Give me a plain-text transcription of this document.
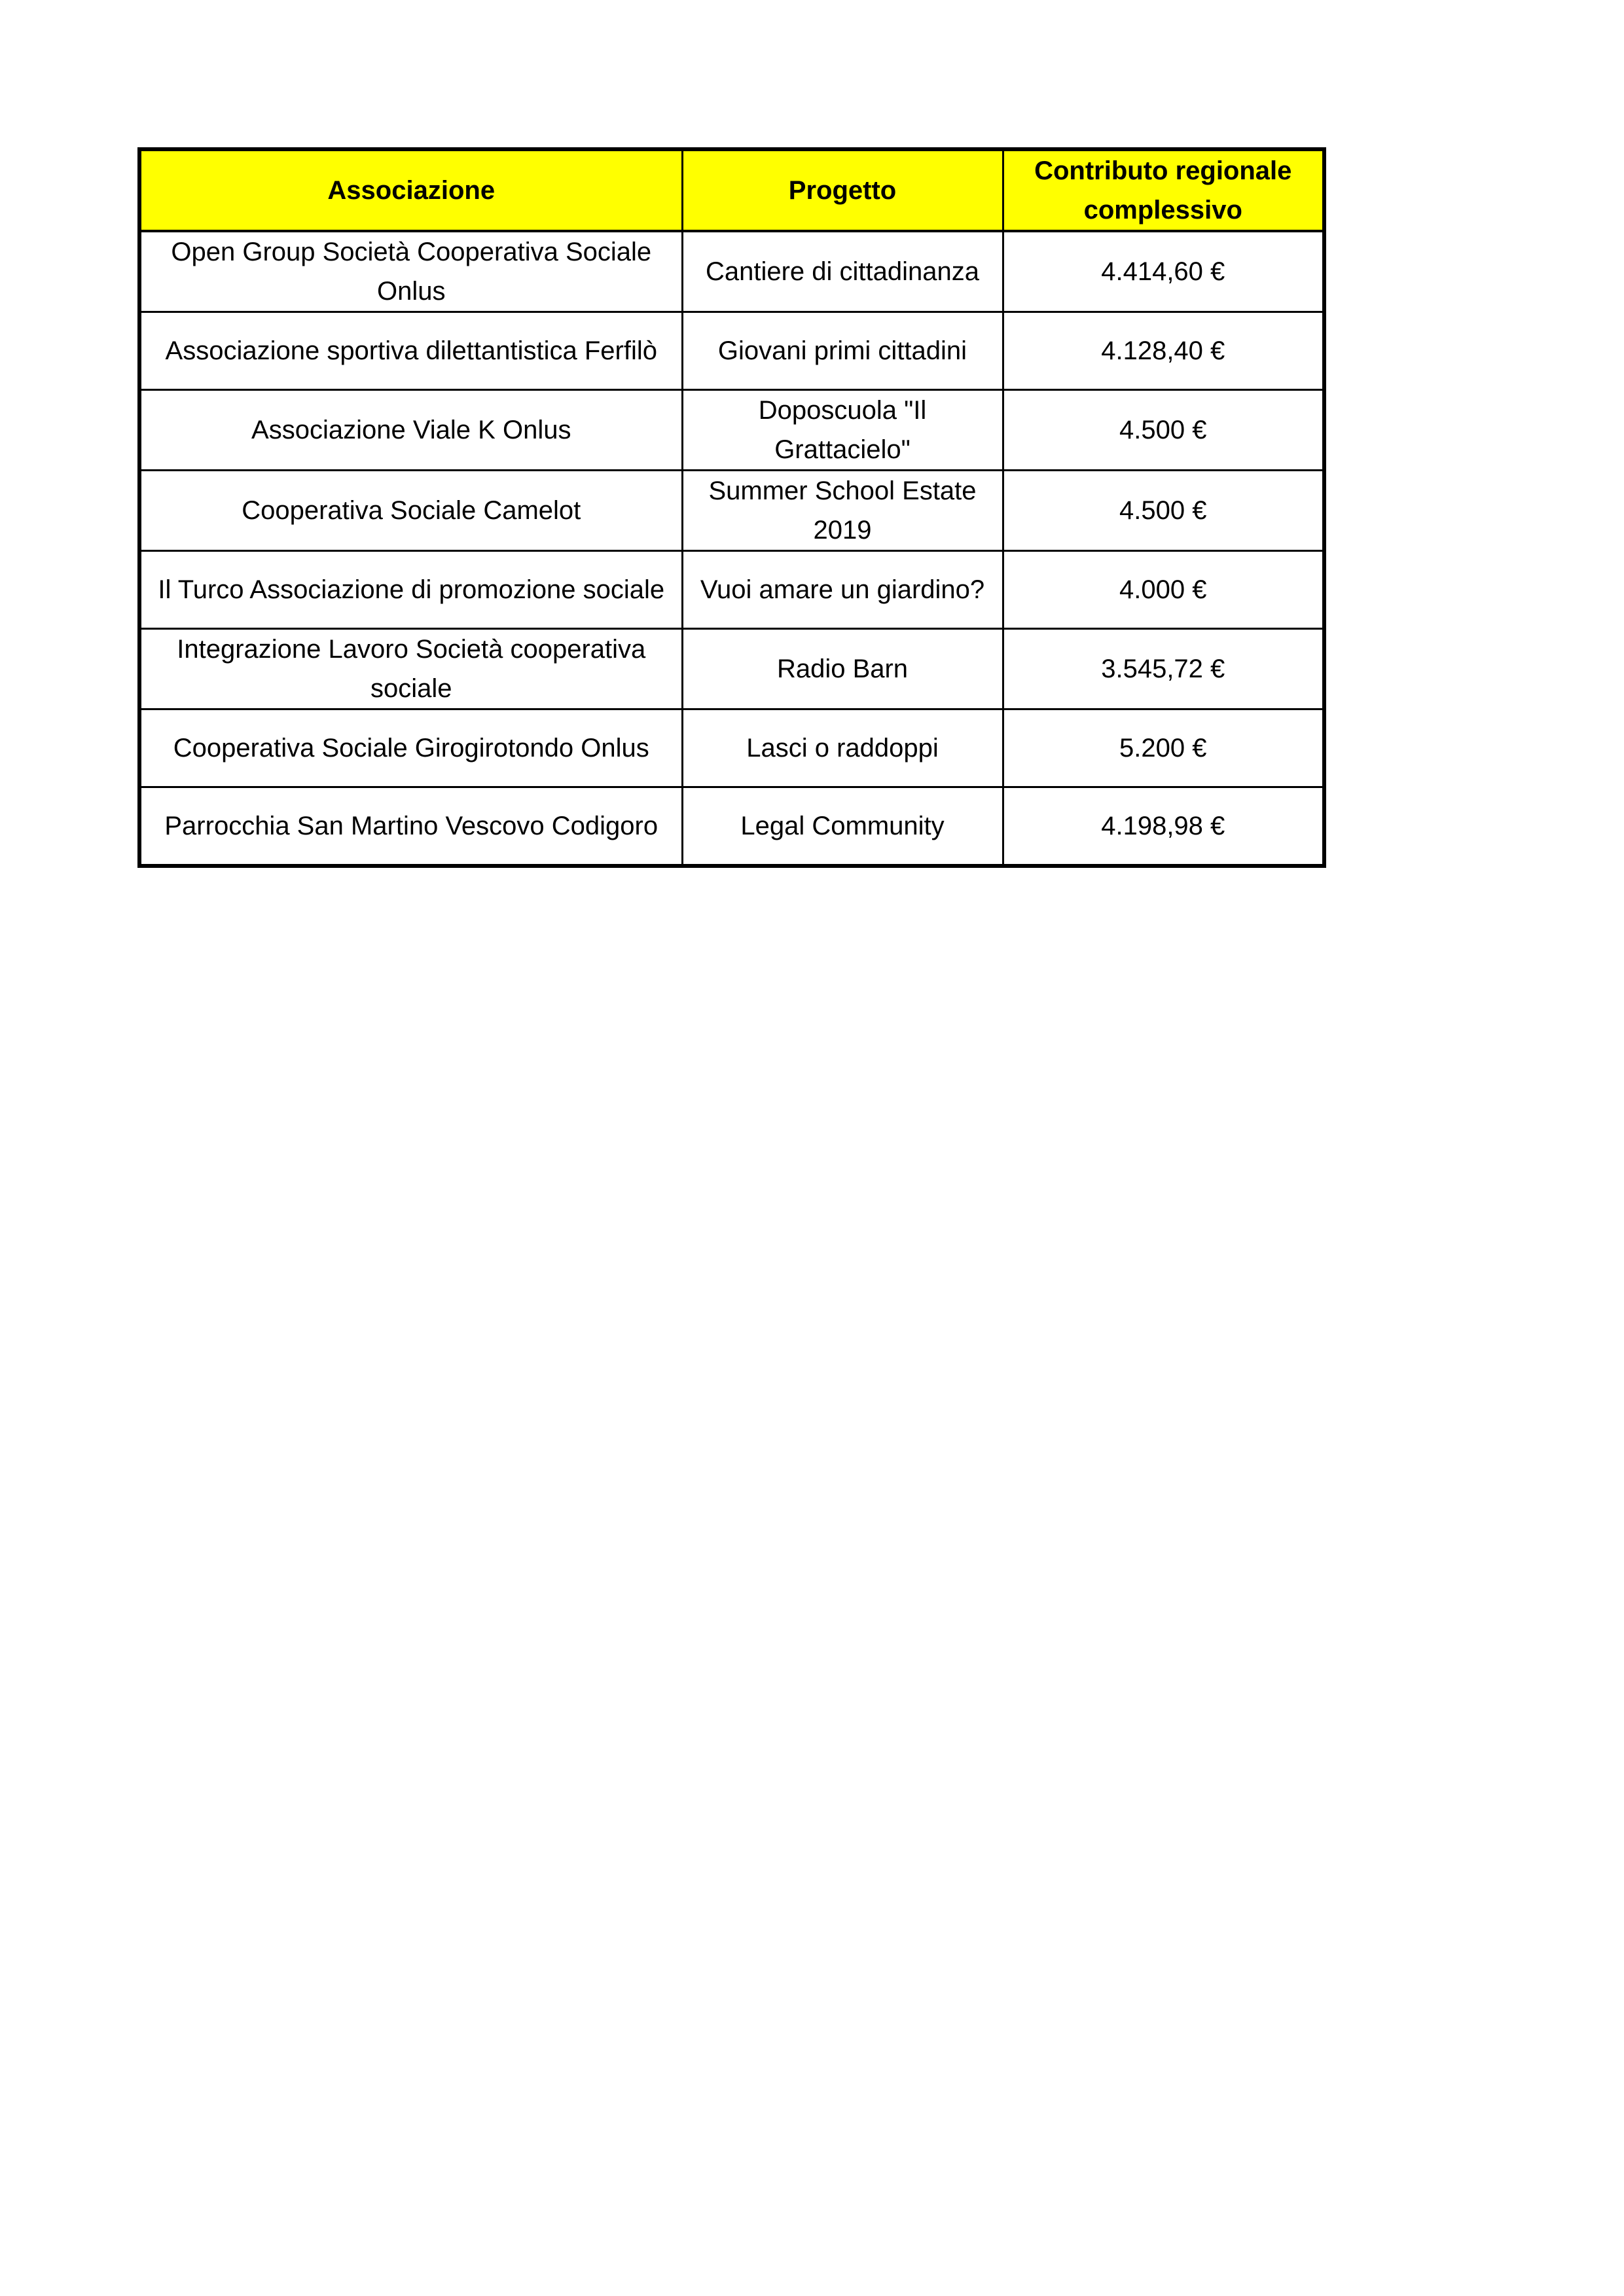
Associazione	Progetto	Contributo regionale complessivo
Open Group Società Cooperativa Sociale Onlus	Cantiere di cittadinanza	4.414,60 €
Associazione sportiva dilettantistica Ferfilò	Giovani primi cittadini	4.128,40 €
Associazione Viale K Onlus	Doposcuola "Il Grattacielo"	4.500 €
Cooperativa Sociale Camelot	Summer School Estate 2019	4.500 €
Il Turco Associazione di promozione sociale	Vuoi amare un giardino?	4.000 €
Integrazione Lavoro Società cooperativa sociale	Radio Barn	3.545,72 €
Cooperativa Sociale Girogirotondo Onlus	Lasci o raddoppi	5.200 €
Parrocchia San Martino Vescovo Codigoro	Legal Community	4.198,98 €
